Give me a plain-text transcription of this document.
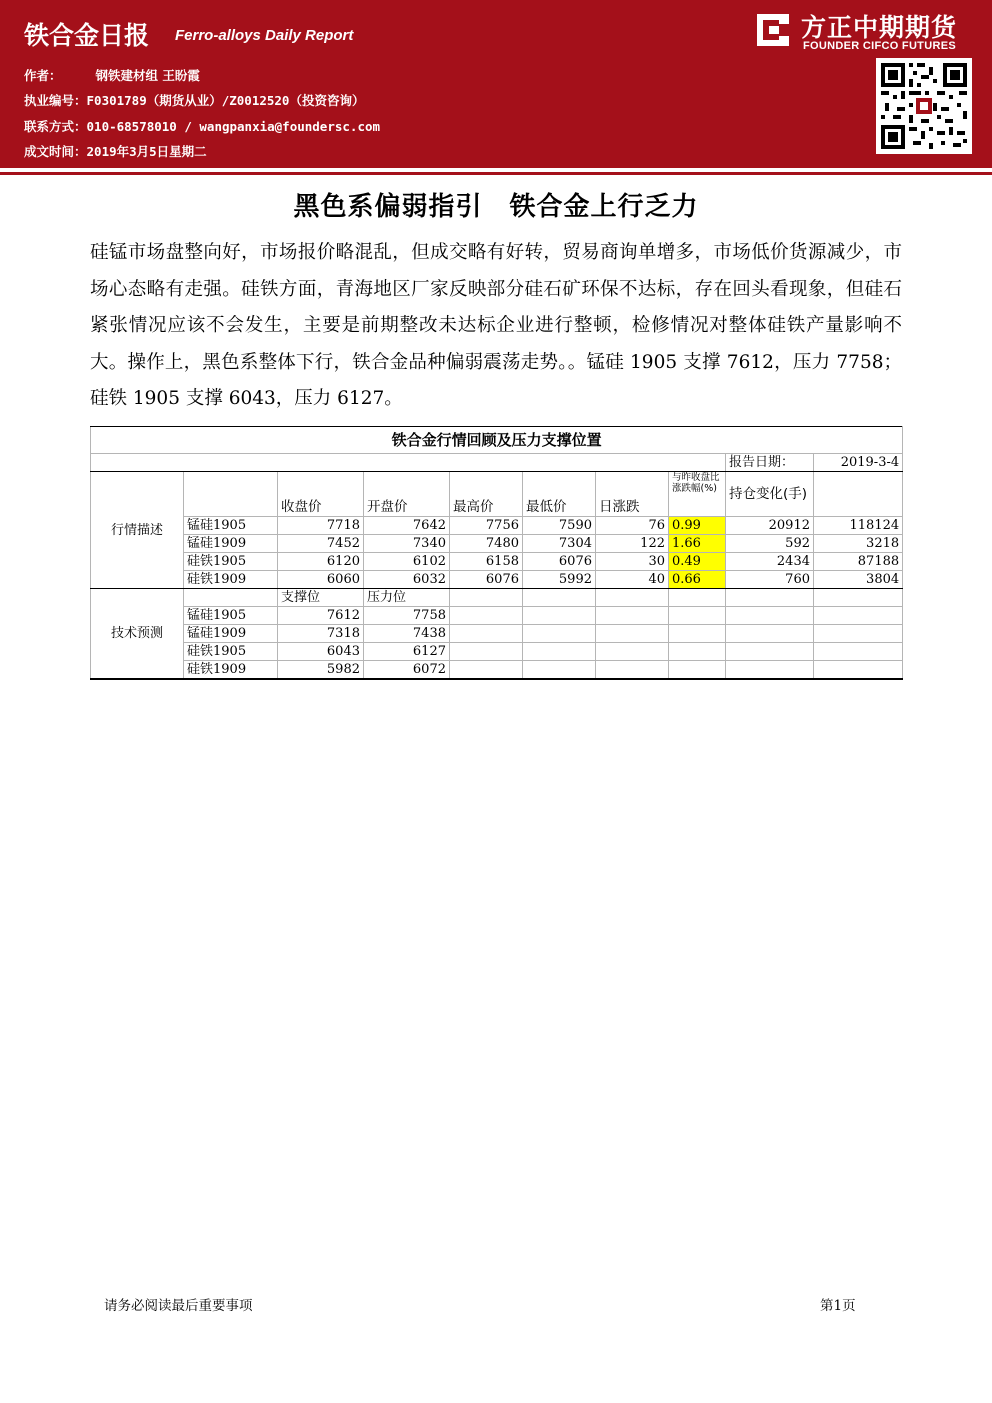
铁合金日报 Ferro-alloys Daily Report
作者：	钢铁建材组 王盼霞
执业编号：F0301789（期货从业）/Z0012520（投资咨询）
联系方式：010-68578010 / wangpanxia@foundersc.com
成文时间：2019年3月5日星期二
方正中期期货
FOUNDER CIFCO FUTURES
黑色系偏弱指引　铁合金上行乏力
硅锰市场盘整向好，市场报价略混乱，但成交略有好转，贸易商询单增多，市场低价货源减少，市场心态略有走强。硅铁方面，青海地区厂家反映部分硅石矿环保不达标，存在回头看现象，但硅石紧张情况应该不会发生，主要是前期整改未达标企业进行整顿，检修情况对整体硅铁产量影响不大。操作上，黑色系整体下行，铁合金品种偏弱震荡走势。。锰硅 1905 支撑 7612，压力 7758；硅铁 1905 支撑 6043，压力 6127。
铁合金行情回顾及压力支撑位置									
								报告日期：	2019-3-4
行情描述		收盘价	开盘价	最高价	最低价	日涨跌	与昨收盘比涨跌幅(%)	持仓变化(手)	
	锰硅1905	7718	7642	7756	7590	76	0.99	20912	118124
	锰硅1909	7452	7340	7480	7304	122	1.66	592	3218
	硅铁1905	6120	6102	6158	6076	30	0.49	2434	87188
	硅铁1909	6060	6032	6076	5992	40	0.66	760	3804
技术预测		支撑位	压力位						
	锰硅1905	7612	7758						
	锰硅1909	7318	7438						
	硅铁1905	6043	6127						
	硅铁1909	5982	6072						
请务必阅读最后重要事项	第1页
